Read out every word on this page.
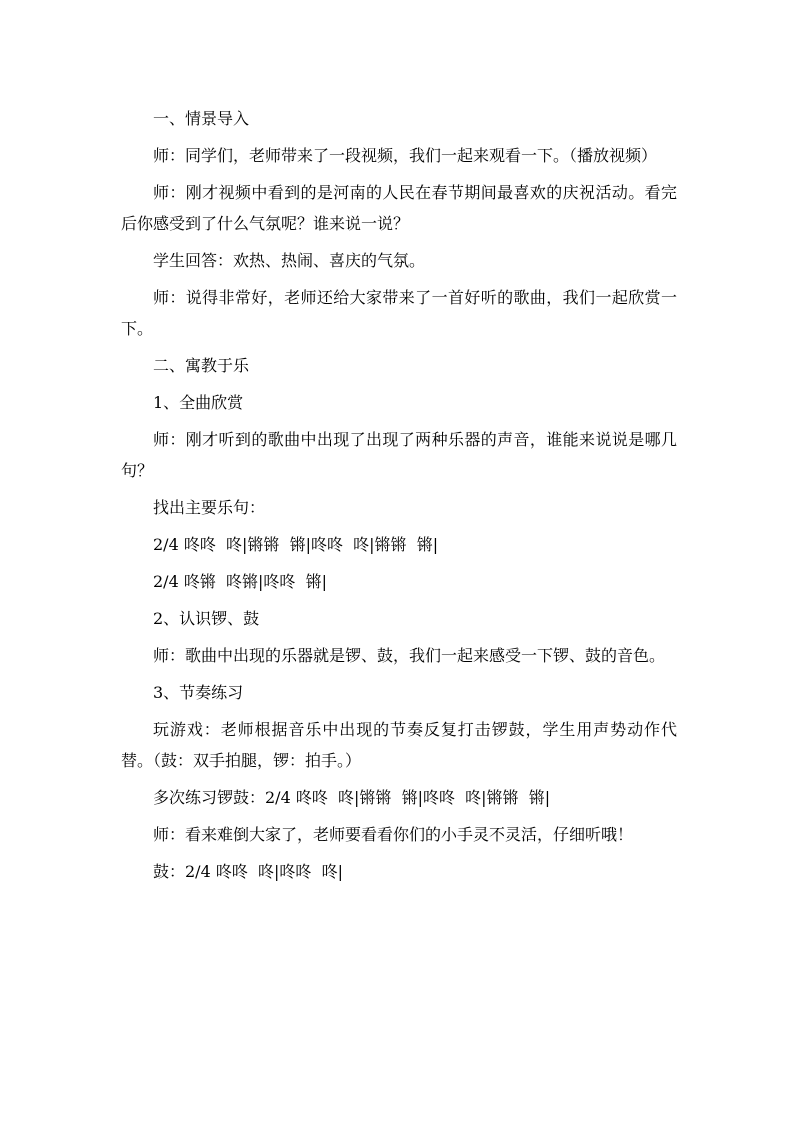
一、情景导入

师：同学们，老师带来了一段视频，我们一起来观看一下。（播放视频）

师：刚才视频中看到的是河南的人民在春节期间最喜欢的庆祝活动。看完后你感受到了什么气氛呢？谁来说一说？

学生回答：欢热、热闹、喜庆的气氛。

师：说得非常好，老师还给大家带来了一首好听的歌曲，我们一起欣赏一下。

二、寓教于乐

1、全曲欣赏

师：刚才听到的歌曲中出现了出现了两种乐器的声音，谁能来说说是哪几句？

找出主要乐句：

2/4 咚咚  咚|锵锵  锵|咚咚  咚|锵锵  锵|

2/4 咚锵  咚锵|咚咚  锵|

2、认识锣、鼓

师：歌曲中出现的乐器就是锣、鼓，我们一起来感受一下锣、鼓的音色。

3、节奏练习

玩游戏：老师根据音乐中出现的节奏反复打击锣鼓，学生用声势动作代替。（鼓：双手拍腿，锣：拍手。）

多次练习锣鼓：2/4 咚咚  咚|锵锵  锵|咚咚  咚|锵锵  锵|

师：看来难倒大家了，老师要看看你们的小手灵不灵活，仔细听哦！

鼓：2/4 咚咚  咚|咚咚  咚|
